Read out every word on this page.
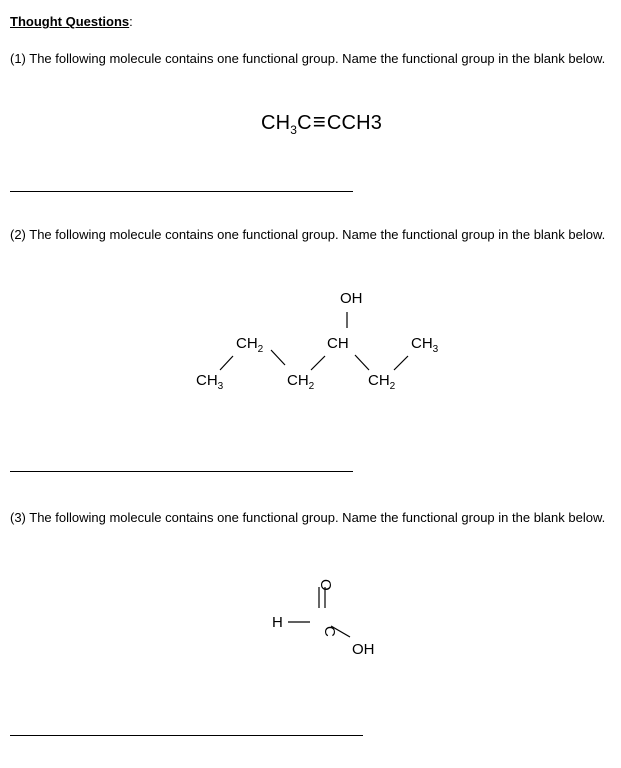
Thought Questions:
(1) The following molecule contains one functional group. Name the functional group in the blank below.
$CH_3C\equiv CCH3$
(2) The following molecule contains one functional group. Name the functional group in the blank below.
OH
$CH_2$	CH	$CH_3$
$CH_3$	$CH_2$	$CH_2$
(3) The following molecule contains one functional group. Name the functional group in the blank below.
O
H
C
OH
